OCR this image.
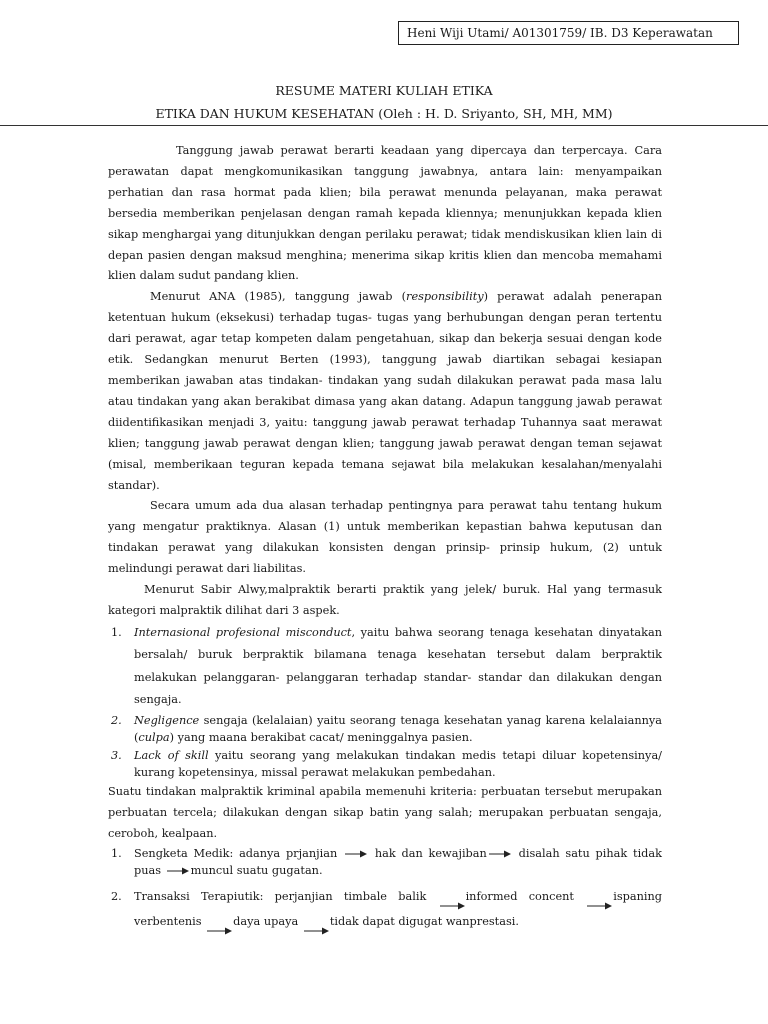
Heni Wiji Utami/ A01301759/ IB. D3 Keperawatan
RESUME MATERI KULIAH ETIKA
ETIKA DAN HUKUM KESEHATAN (Oleh : H. D. Sriyanto, SH, MH, MM)

Tanggung jawab perawat berarti keadaan yang dipercaya dan terpercaya. Cara perawatan dapat mengkomunikasikan tanggung jawabnya, antara lain: menyampaikan perhatian dan rasa hormat pada klien; bila perawat menunda pelayanan, maka perawat bersedia memberikan penjelasan dengan ramah kepada kliennya; menunjukkan kepada klien sikap menghargai yang ditunjukkan dengan perilaku perawat; tidak mendiskusikan klien lain di depan pasien dengan maksud menghina; menerima sikap kritis klien dan mencoba memahami klien dalam sudut pandang klien.

Menurut ANA (1985), tanggung jawab (responsibility) perawat adalah penerapan ketentuan hukum (eksekusi) terhadap tugas- tugas yang berhubungan dengan peran tertentu dari perawat, agar tetap kompeten dalam pengetahuan, sikap dan bekerja sesuai dengan kode etik. Sedangkan menurut Berten (1993), tanggung jawab diartikan sebagai kesiapan memberikan jawaban atas tindakan- tindakan yang sudah dilakukan perawat pada masa lalu atau tindakan yang akan berakibat dimasa yang akan datang. Adapun tanggung jawab perawat diidentifikasikan menjadi 3, yaitu: tanggung jawab perawat terhadap Tuhannya saat merawat klien; tanggung jawab perawat dengan klien; tanggung jawab perawat dengan teman sejawat (misal, memberikaan teguran kepada temana sejawat bila melakukan kesalahan/menyalahi standar).

Secara umum ada dua alasan terhadap pentingnya para perawat tahu tentang hukum yang mengatur praktiknya. Alasan (1) untuk memberikan kepastian bahwa keputusan dan tindakan perawat yang dilakukan konsisten dengan prinsip- prinsip hukum, (2) untuk melindungi perawat dari liabilitas.

Menurut Sabir Alwy,malpraktik berarti praktik yang jelek/ buruk. Hal yang termasuk kategori malpraktik dilihat dari 3 aspek.

1. Internasional profesional misconduct, yaitu bahwa seorang tenaga kesehatan dinyatakan bersalah/ buruk berpraktik bilamana tenaga kesehatan tersebut dalam berpraktik melakukan pelanggaran- pelanggaran terhadap standar- standar dan dilakukan dengan sengaja.
2. Negligence sengaja (kelalaian) yaitu seorang tenaga kesehatan yanag karena kelalaiannya (culpa) yang maana berakibat cacat/ meninggalnya pasien.
3. Lack of skill yaitu seorang yang melakukan tindakan medis tetapi diluar kopetensinya/ kurang kopetensinya, missal perawat melakukan pembedahan.

Suatu tindakan malpraktik kriminal apabila memenuhi kriteria: perbuatan tersebut merupakan perbuatan tercela; dilakukan dengan sikap batin yang salah; merupakan perbuatan sengaja, ceroboh, kealpaan.

1. Sengketa Medik: adanya prjanjian	hak dan kewajiban	disalah satu pihak tidak puas	muncul suatu gugatan.
2. Transaksi Terapiutik: perjanjian timbale balik	informed concent	ispaning verbentenis	daya upaya	tidak dapat digugat wanprestasi.
